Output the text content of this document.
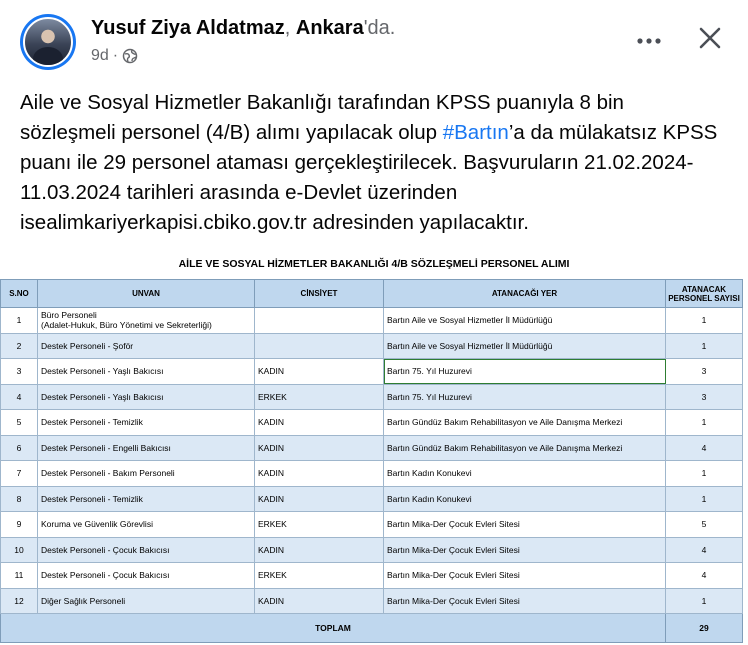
Yusuf Ziya Aldatmaz, Ankara'da.
9d ·
Aile ve Sosyal Hizmetler Bakanlığı tarafından KPSS puanıyla 8 bin sözleşmeli personel (4/B) alımı yapılacak olup #Bartın’a da mülakatsız KPSS puanı ile 29 personel ataması gerçekleştirilecek. Başvuruların 21.02.2024-11.03.2024 tarihleri arasında e-Devlet üzerinden isealimkariyerkapisi.cbiko.gov.tr adresinden yapılacaktır.
AİLE VE SOSYAL HİZMETLER BAKANLIĞI 4/B SÖZLEŞMELİ PERSONEL ALIMI
S.NO	UNVAN	CİNSİYET	ATANACAĞI YER	ATANACAK
PERSONEL SAYISI
1	Büro Personeli
(Adalet-Hukuk, Büro Yönetimi ve Sekreterliği)		Bartın Aile ve Sosyal Hizmetler İl Müdürlüğü	1
2	Destek Personeli - Şoför		Bartın Aile ve Sosyal Hizmetler İl Müdürlüğü	1
3	Destek Personeli - Yaşlı Bakıcısı	KADIN	Bartın 75. Yıl Huzurevi	3
4	Destek Personeli - Yaşlı Bakıcısı	ERKEK	Bartın 75. Yıl Huzurevi	3
5	Destek Personeli - Temizlik	KADIN	Bartın Gündüz Bakım Rehabilitasyon ve Aile Danışma Merkezi	1
6	Destek Personeli - Engelli Bakıcısı	KADIN	Bartın Gündüz Bakım Rehabilitasyon ve Aile Danışma Merkezi	4
7	Destek Personeli - Bakım Personeli	KADIN	Bartın Kadın Konukevi	1
8	Destek Personeli - Temizlik	KADIN	Bartın Kadın Konukevi	1
9	Koruma ve Güvenlik Görevlisi	ERKEK	Bartın Mika-Der Çocuk Evleri Sitesi	5
10	Destek Personeli - Çocuk Bakıcısı	KADIN	Bartın Mika-Der Çocuk Evleri Sitesi	4
11	Destek Personeli - Çocuk Bakıcısı	ERKEK	Bartın Mika-Der Çocuk Evleri Sitesi	4
12	Diğer Sağlık Personeli	KADIN	Bartın Mika-Der Çocuk Evleri Sitesi	1
TOPLAM				29
